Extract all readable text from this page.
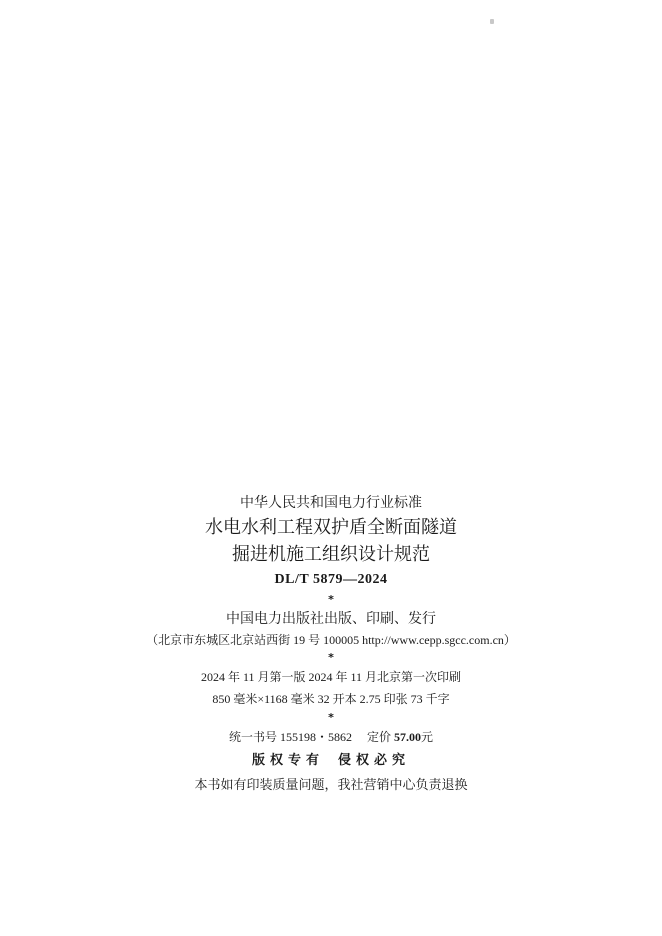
中华人民共和国电力行业标准
水电水利工程双护盾全断面隧道
掘进机施工组织设计规范
DL/T 5879—2024
*
中国电力出版社出版、印刷、发行
（北京市东城区北京站西街 19 号 100005 http://www.cepp.sgcc.com.cn）
*
2024 年 11 月第一版 2024 年 11 月北京第一次印刷
850 毫米×1168 毫米 32 开本 2.75 印张 73 千字
*
统一书号 155198・5862 定价 57.00元
版权专有 侵权必究
本书如有印装质量问题，我社营销中心负责退换
